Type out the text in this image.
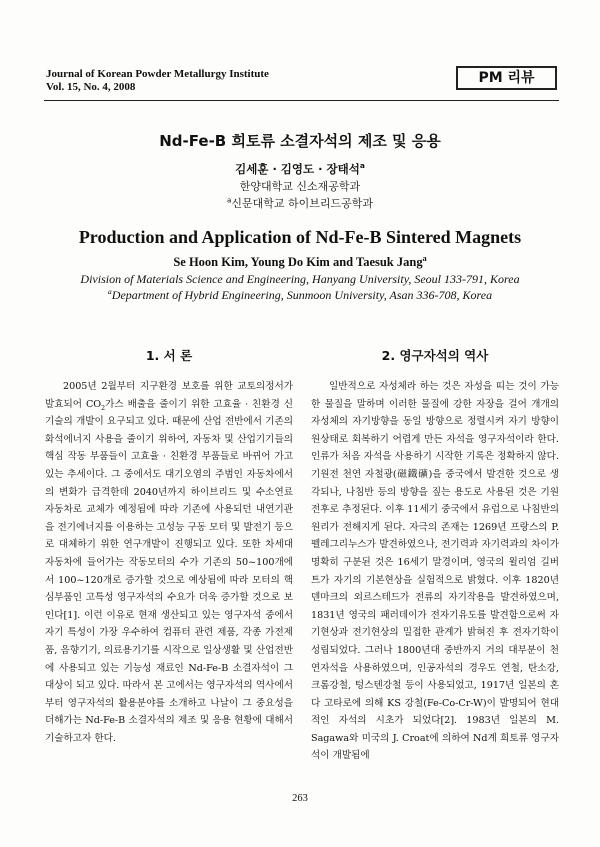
Journal of Korean Powder Metallurgy Institute
Vol. 15, No. 4, 2008
PM 리뷰
Nd-Fe-B 희토류 소결자석의 제조 및 응용
김세훈 · 김영도 · 장태석$^a$
한양대학교 신소재공학과
$^a$신문대학교 하이브리드공학과
Production and Application of Nd-Fe-B Sintered Magnets
Se Hoon Kim, Young Do Kim and Taesuk Jang$^a$
Division of Materials Science and Engineering, Hanyang University, Seoul 133-791, Korea
$^a$Department of Hybrid Engineering, Sunmoon University, Asan 336-708, Korea
1. 서 론	2. 영구자석의 역사

2005년 2월부터 지구환경 보호를 위한 교토의정서가 발효되어 $CO_2$가스 배출을 줄이기 위한 고효율 · 친환경 신기술의 개발이 요구되고 있다. 때문에 산업 전반에서 기존의 화석에너지 사용을 줄이기 위하여, 자동차 및 산업기기들의 핵심 작동 부품들이 고효율 · 친환경 부품들로 바뀌어 가고 있는 추세이다. 그 중에서도 대기오염의 주범인 자동차에서의 변화가 급격한데 2040년까지 하이브리드 및 수소연료 자동차로 교체가 예정됨에 따라 기존에 사용되던 내연기관을 전기에너지를 이용하는 고성능 구동 모터 및 발전기 등으로 대체하기 위한 연구개발이 진행되고 있다. 또한 차세대 자동차에 들어가는 작동모터의 수가 기존의 50~100개에서 100~120개로 증가할 것으로 예상됨에 따라 모터의 핵심부품인 고특성 영구자석의 수요가 더욱 증가할 것으로 보인다[1]. 이런 이유로 현재 생산되고 있는 영구자석 중에서 자기 특성이 가장 우수하여 컴퓨터 관련 제품, 각종 가전제품, 음향기기, 의료용기기를 시작으로 일상생활 및 산업전반에 사용되고 있는 기능성 재료인 Nd-Fe-B 소결자석이 그 대상이 되고 있다. 따라서 본 고에서는 영구자석의 역사에서부터 영구자석의 활용분야를 소개하고 나날이 그 중요성을 더해가는 Nd-Fe-B 소결자석의 제조 및 응용 현황에 대해서 기술하고자 한다.

일반적으로 자성체라 하는 것은 자성을 띠는 것이 가능한 물질을 말하며 이러한 물질에 강한 자장을 걸어 개개의 자성체의 자기방향을 동일 방향으로 정렬시켜 자기 방향이 원상태로 회복하기 어렵게 만든 자석을 영구자석이라 한다. 인류가 처음 자석을 사용하기 시작한 기록은 정확하지 않다. 기원전 천연 자철광(磁鐵礦)을 중국에서 발견한 것으로 생각되나, 나침반 등의 방향을 짚는 용도로 사용된 것은 기원 전후로 추정된다. 이후 11세기 중국에서 유럽으로 나침반의 원리가 전해지게 된다. 자극의 존재는 1269년 프랑스의 P. 펠레그리누스가 발견하였으나, 전기력과 자기력과의 차이가 명확히 구분된 것은 16세기 말경이며, 영국의 윌리엄 길버트가 자기의 기본현상을 실험적으로 밝혔다. 이후 1820년 덴마크의 외르스테드가 전류의 자기작용을 발견하였으며, 1831년 영국의 패러데이가 전자기유도를 발견함으로써 자기현상과 전기현상의 밀접한 관계가 밝혀진 후 전자기학이 성립되었다. 그러나 1800년대 중반까지 거의 대부분이 천연자석을 사용하였으며, 인공자석의 경우도 연철, 탄소강, 크롬강철, 텅스텐강철 등이 사용되었고, 1917년 일본의 혼다 고타로에 의해 KS 강철(Fe-Co-Cr-W)이 발명되어 현대적인 자석의 시초가 되었다[2]. 1983년 일본의 M. Sagawa와 미국의 J. Croat에 의하여 Nd계 희토류 영구자석이 개발됨에

263
